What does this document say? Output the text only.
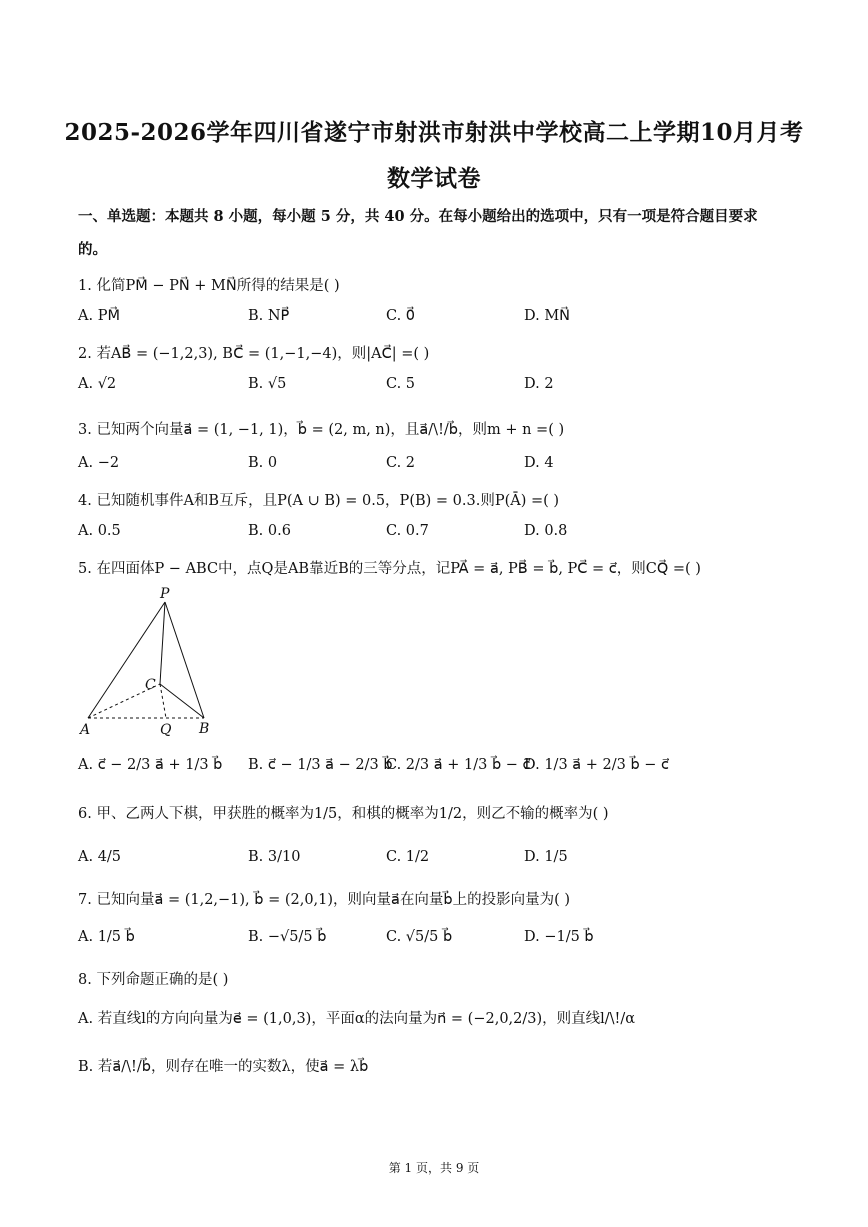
2025-2026学年四川省遂宁市射洪市射洪中学校高二上学期10月月考
数学试卷
一、单选题：本题共 8 小题，每小题 5 分，共 40 分。在每小题给出的选项中，只有一项是符合题目要求
的。
1. 化简PM⃗ − PN⃗ + MN⃗所得的结果是( )
A. PM⃗	B. NP⃗	C. 0⃗	D. MN⃗
2. 若AB⃗ = (−1,2,3), BC⃗ = (1,−1,−4)，则|AC⃗| =( )
A. √2	B. √5	C. 5	D. 2
3. 已知两个向量a⃗ = (1, −1, 1)，b⃗ = (2, m, n)，且a⃗/\!/b⃗，则m + n =( )
A. −2	B. 0	C. 2	D. 4
4. 已知随机事件A和B互斥，且P(A ∪ B) = 0.5，P(B) = 0.3.则P(Ā) =( )
A. 0.5	B. 0.6	C. 0.7	D. 0.8
5. 在四面体P − ABC中，点Q是AB靠近B的三等分点，记PA⃗ = a⃗, PB⃗ = b⃗, PC⃗ = c⃗，则CQ⃗ =( )
P
C
A	Q B
A. c⃗ − 2/3 a⃗ + 1/3 b⃗ B. c⃗ − 1/3 a⃗ − 2/3 b⃗
C. 2/3 a⃗ + 1/3 b⃗ − c⃗
D. 1/3 a⃗ + 2/3 b⃗ − c⃗
6. 甲、乙两人下棋，甲获胜的概率为1/5，和棋的概率为1/2，则乙不输的概率为( )
A. 4/5	B. 3/10	C. 1/2	D. 1/5
7. 已知向量a⃗ = (1,2,−1), b⃗ = (2,0,1)，则向量a⃗在向量b⃗上的投影向量为( )
A. 1/5 b⃗	B. −√5/5 b⃗	C. √5/5 b⃗	D. −1/5 b⃗
8. 下列命题正确的是( )
A. 若直线l的方向向量为e⃗ = (1,0,3)，平面α的法向量为n⃗ = (−2,0,2/3)，则直线l/\!/α
B. 若a⃗/\!/b⃗，则存在唯一的实数λ，使a⃗ = λb⃗
第 1 页，共 9 页
